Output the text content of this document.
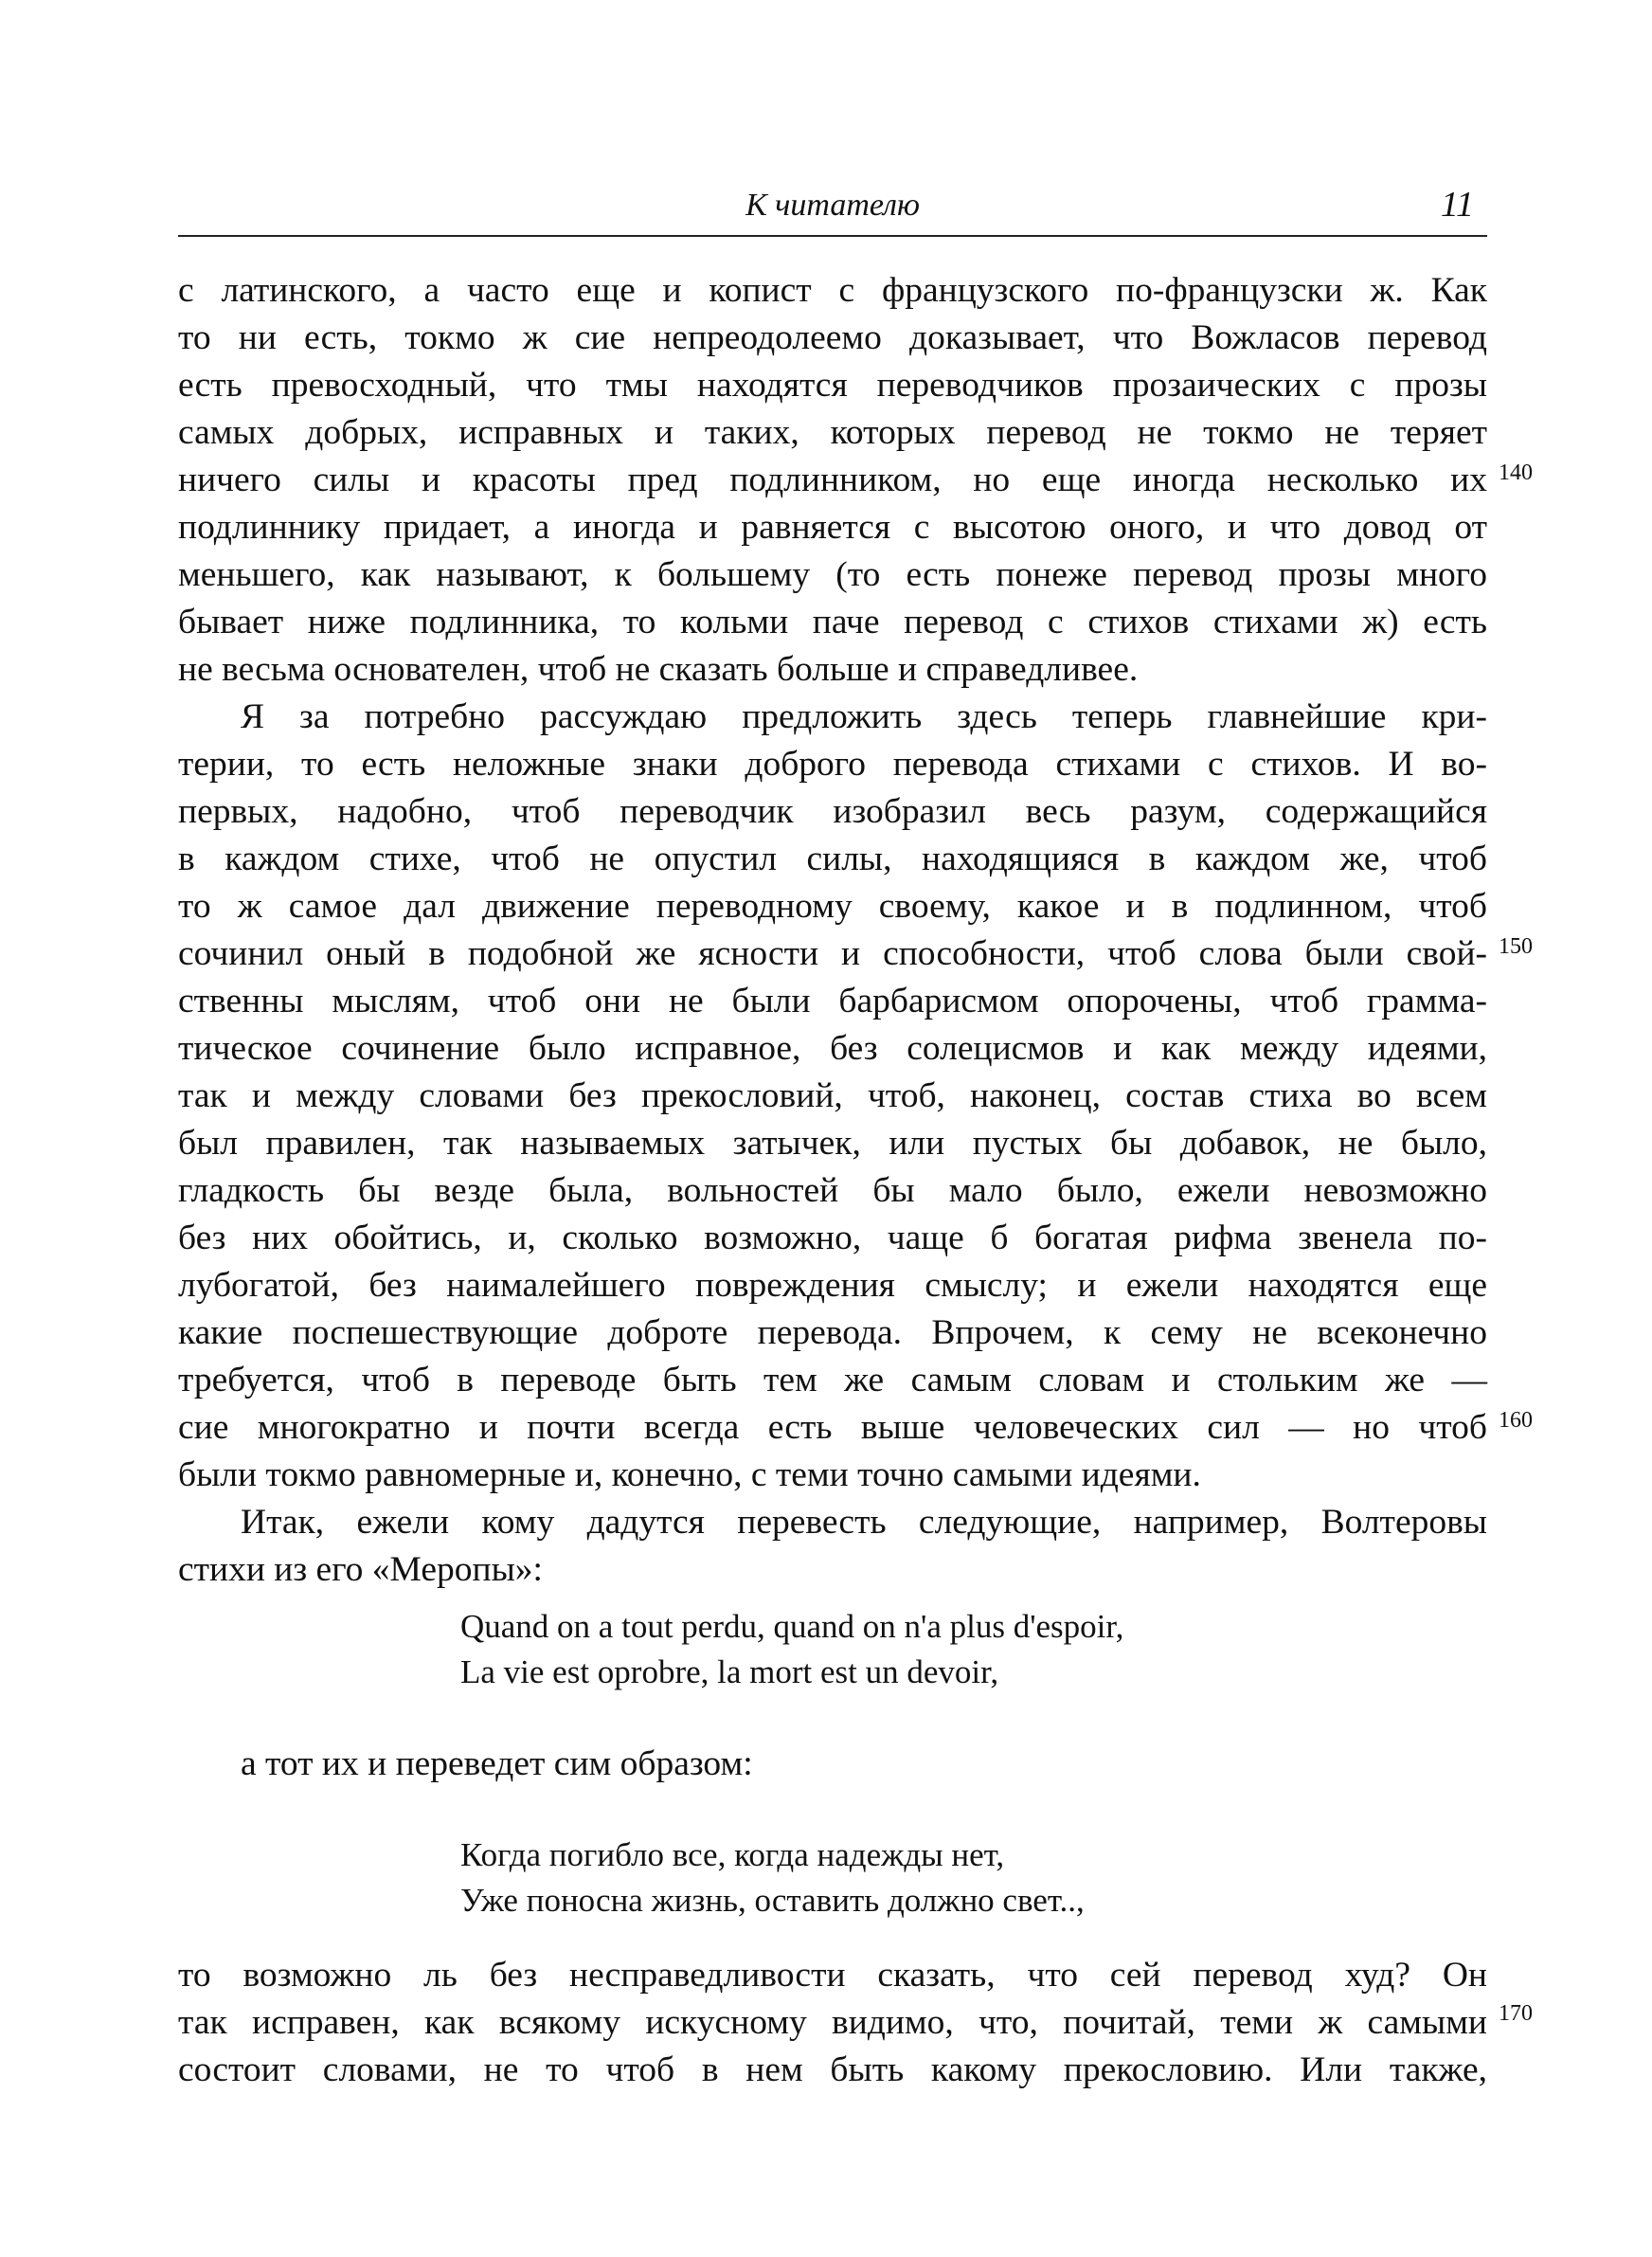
К читателю	11
с латинского, а часто еще и копист с французского по-французски ж. Как
то ни есть, токмо ж сие непреодолеемо доказывает, что Вожласов перевод
есть превосходный, что тмы находятся переводчиков прозаических с прозы
самых добрых, исправных и таких, которых перевод не токмо не теряет
ничего силы и красоты пред подлинником, но еще иногда несколько их
подлиннику придает, а иногда и равняется с высотою оного, и что довод от
меньшего, как называют, к большему (то есть понеже перевод прозы много
бывает ниже подлинника, то кольми паче перевод с стихов стихами ж) есть
не весьма основателен, чтоб не сказать больше и справедливее.
Я за потребно рассуждаю предложить здесь теперь главнейшие кри-
терии, то есть неложные знаки доброго перевода стихами с стихов. И во-
первых, надобно, чтоб переводчик изобразил весь разум, содержащийся
в каждом стихе, чтоб не опустил силы, находящияся в каждом же, чтоб
то ж самое дал движение переводному своему, какое и в подлинном, чтоб
сочинил оный в подобной же ясности и способности, чтоб слова были свой-
ственны мыслям, чтоб они не были барбарисмом опорочены, чтоб грамма-
тическое сочинение было исправное, без солецисмов и как между идеями,
так и между словами без прекословий, чтоб, наконец, состав стиха во всем
был правилен, так называемых затычек, или пустых бы добавок, не было,
гладкость бы везде была, вольностей бы мало было, ежели невозможно
без них обойтись, и, сколько возможно, чаще б богатая рифма звенела по-
лубогатой, без наималейшего повреждения смыслу; и ежели находятся еще
какие поспешествующие доброте перевода. Впрочем, к сему не всеконечно
требуется, чтоб в переводе быть тем же самым словам и стольким же —
сие многократно и почти всегда есть выше человеческих сил — но чтоб
были токмо равномерные и, конечно, с теми точно самыми идеями.
Итак, ежели кому дадутся перевесть следующие, например, Волтеровы
стихи из его «Меропы»:
Quand on a tout perdu, quand on n'a plus d'espoir,
La vie est oprobre, la mort est un devoir,
а тот их и переведет сим образом:
Когда погибло все, когда надежды нет,
Уже поносна жизнь, оставить должно свет..,
то возможно ль без несправедливости сказать, что сей перевод худ? Он
так исправен, как всякому искусному видимо, что, почитай, теми ж самыми
состоит словами, не то чтоб в нем быть какому прекословию. Или также,
140
150
160
170
